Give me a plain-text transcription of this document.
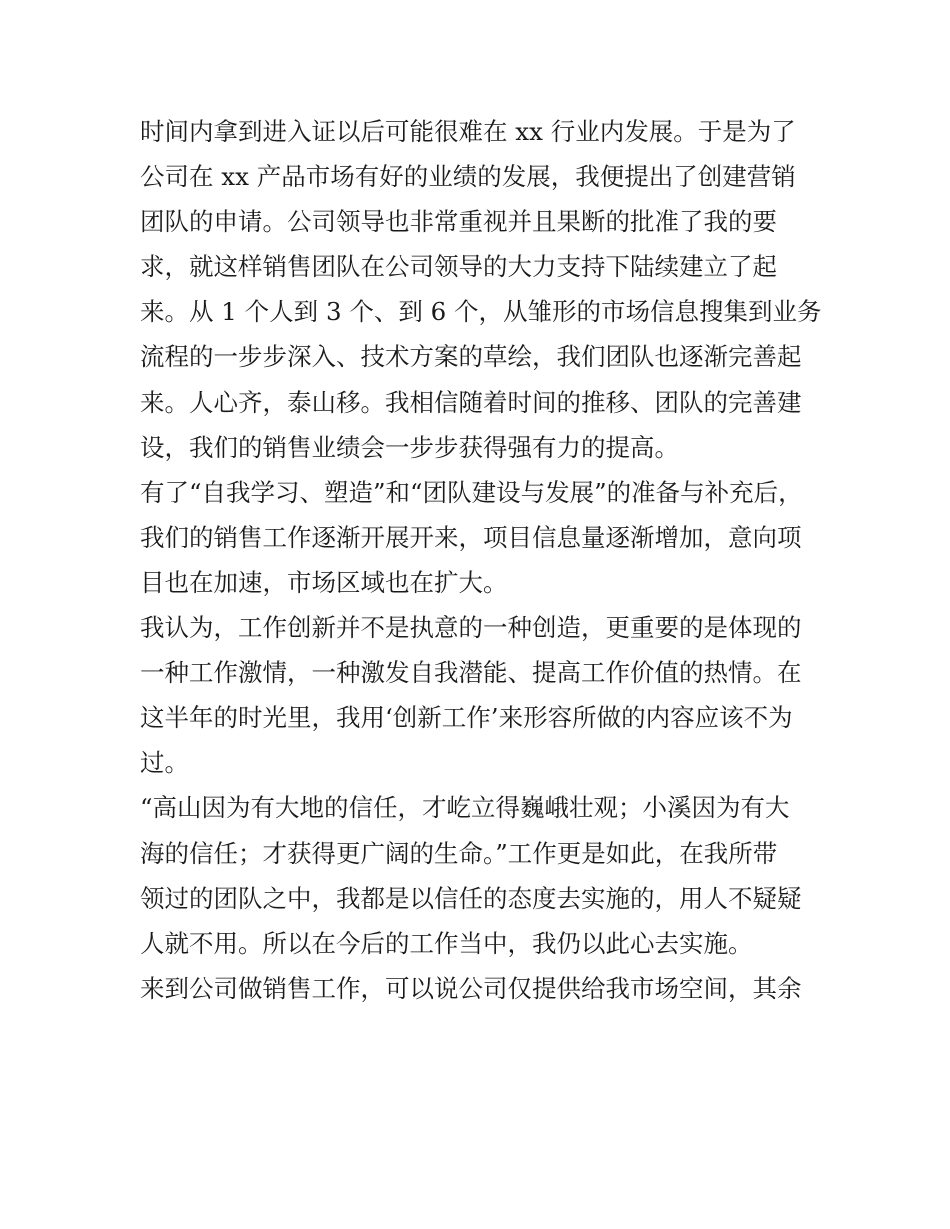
时间内拿到进入证以后可能很难在 xx 行业内发展。于是为了
公司在 xx 产品市场有好的业绩的发展，我便提出了创建营销
团队的申请。公司领导也非常重视并且果断的批准了我的要
求，就这样销售团队在公司领导的大力支持下陆续建立了起
来。从 1 个人到 3 个、到 6 个，从雏形的市场信息搜集到业务
流程的一步步深入、技术方案的草绘，我们团队也逐渐完善起
来。人心齐，泰山移。我相信随着时间的推移、团队的完善建
设，我们的销售业绩会一步步获得强有力的提高。
有了“自我学习、塑造”和“团队建设与发展”的准备与补充后，
我们的销售工作逐渐开展开来，项目信息量逐渐增加，意向项
目也在加速，市场区域也在扩大。
我认为，工作创新并不是执意的一种创造，更重要的是体现的
一种工作激情，一种激发自我潜能、提高工作价值的热情。在
这半年的时光里，我用‘创新工作’来形容所做的内容应该不为
过。
“高山因为有大地的信任，才屹立得巍峨壮观；小溪因为有大
海的信任；才获得更广阔的生命。”工作更是如此，在我所带
领过的团队之中，我都是以信任的态度去实施的，用人不疑疑
人就不用。所以在今后的工作当中，我仍以此心去实施。
来到公司做销售工作，可以说公司仅提供给我市场空间，其余
